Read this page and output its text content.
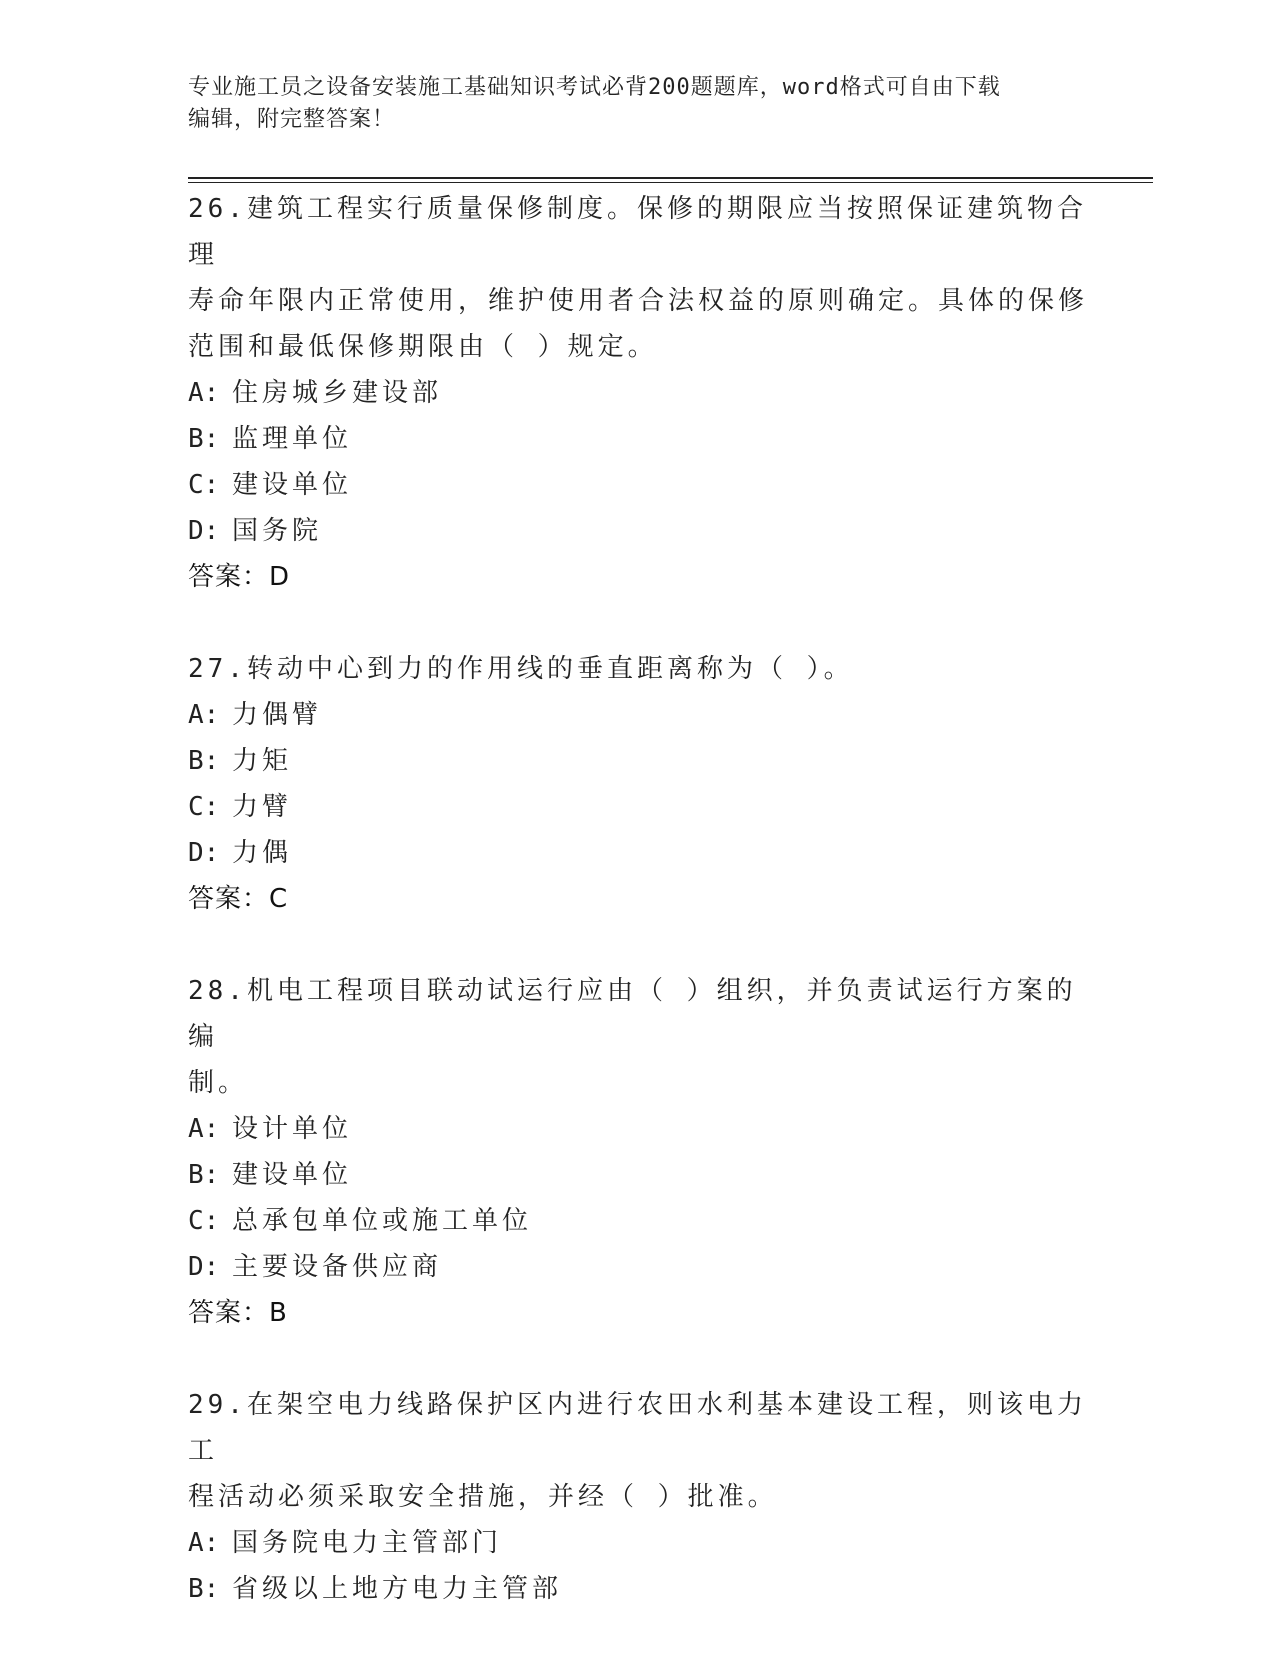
专业施工员之设备安装施工基础知识考试必背200题题库，word格式可自由下载
编辑，附完整答案！
26.建筑工程实行质量保修制度。保修的期限应当按照保证建筑物合理
寿命年限内正常使用，维护使用者合法权益的原则确定。具体的保修
范围和最低保修期限由（ ）规定。
A: 住房城乡建设部
B: 监理单位
C: 建设单位
D: 国务院
答案：D
27.转动中心到力的作用线的垂直距离称为（ ）。
A: 力偶臂
B: 力矩
C: 力臂
D: 力偶
答案：C
28.机电工程项目联动试运行应由（ ）组织，并负责试运行方案的编
制。
A: 设计单位
B: 建设单位
C: 总承包单位或施工单位
D: 主要设备供应商
答案：B
29.在架空电力线路保护区内进行农田水利基本建设工程，则该电力工
程活动必须采取安全措施，并经（ ）批准。
A: 国务院电力主管部门
B: 省级以上地方电力主管部
